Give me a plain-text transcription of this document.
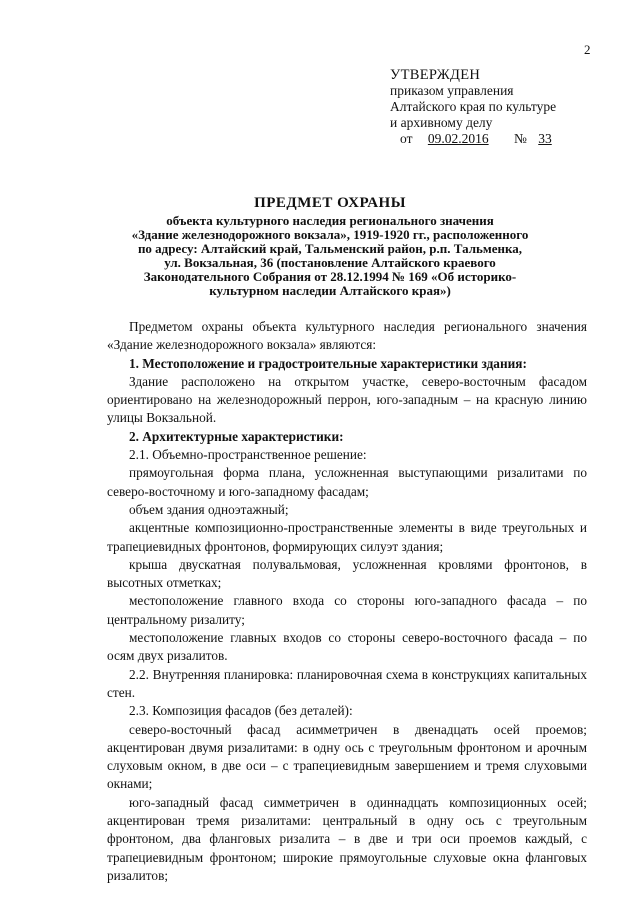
2
УТВЕРЖДЕН
приказом управления
Алтайского края по культуре
и архивному делу
от 09.02.2016 № 33
ПРЕДМЕТ ОХРАНЫ
объекта культурного наследия регионального значения
«Здание железнодорожного вокзала», 1919-1920 гг., расположенного
по адресу: Алтайский край, Тальменский район, р.п. Тальменка,
ул. Вокзальная, 36 (постановление Алтайского краевого
Законодательного Собрания от 28.12.1994 № 169 «Об историко-
культурном наследии Алтайского края»)

Предметом охраны объекта культурного наследия регионального значения «Здание железнодорожного вокзала» являются:

1. Местоположение и градостроительные характеристики здания:

Здание расположено на открытом участке, северо-восточным фасадом ориентировано на железнодорожный перрон, юго-западным – на красную линию улицы Вокзальной.

2. Архитектурные характеристики:

2.1. Объемно-пространственное решение:

прямоугольная форма плана, усложненная выступающими ризалитами по северо-восточному и юго-западному фасадам;

объем здания одноэтажный;

акцентные композиционно-пространственные элементы в виде треугольных и трапециевидных фронтонов, формирующих силуэт здания;

крыша двускатная полувальмовая, усложненная кровлями фронтонов, в высотных отметках;

местоположение главного входа со стороны юго-западного фасада – по центральному ризалиту;

местоположение главных входов со стороны северо-восточного фасада – по осям двух ризалитов.

2.2. Внутренняя планировка: планировочная схема в конструкциях капитальных стен.

2.3. Композиция фасадов (без деталей):

северо-восточный фасад асимметричен в двенадцать осей проемов; акцентирован двумя ризалитами: в одну ось с треугольным фронтоном и арочным слуховым окном, в две оси – с трапециевидным завершением и тремя слуховыми окнами;

юго-западный фасад симметричен в одиннадцать композиционных осей; акцентирован тремя ризалитами: центральный в одну ось с треугольным фронтоном, два фланговых ризалита – в две и три оси проемов каждый, с трапециевидным фронтоном; широкие прямоугольные слуховые окна фланговых ризалитов;
